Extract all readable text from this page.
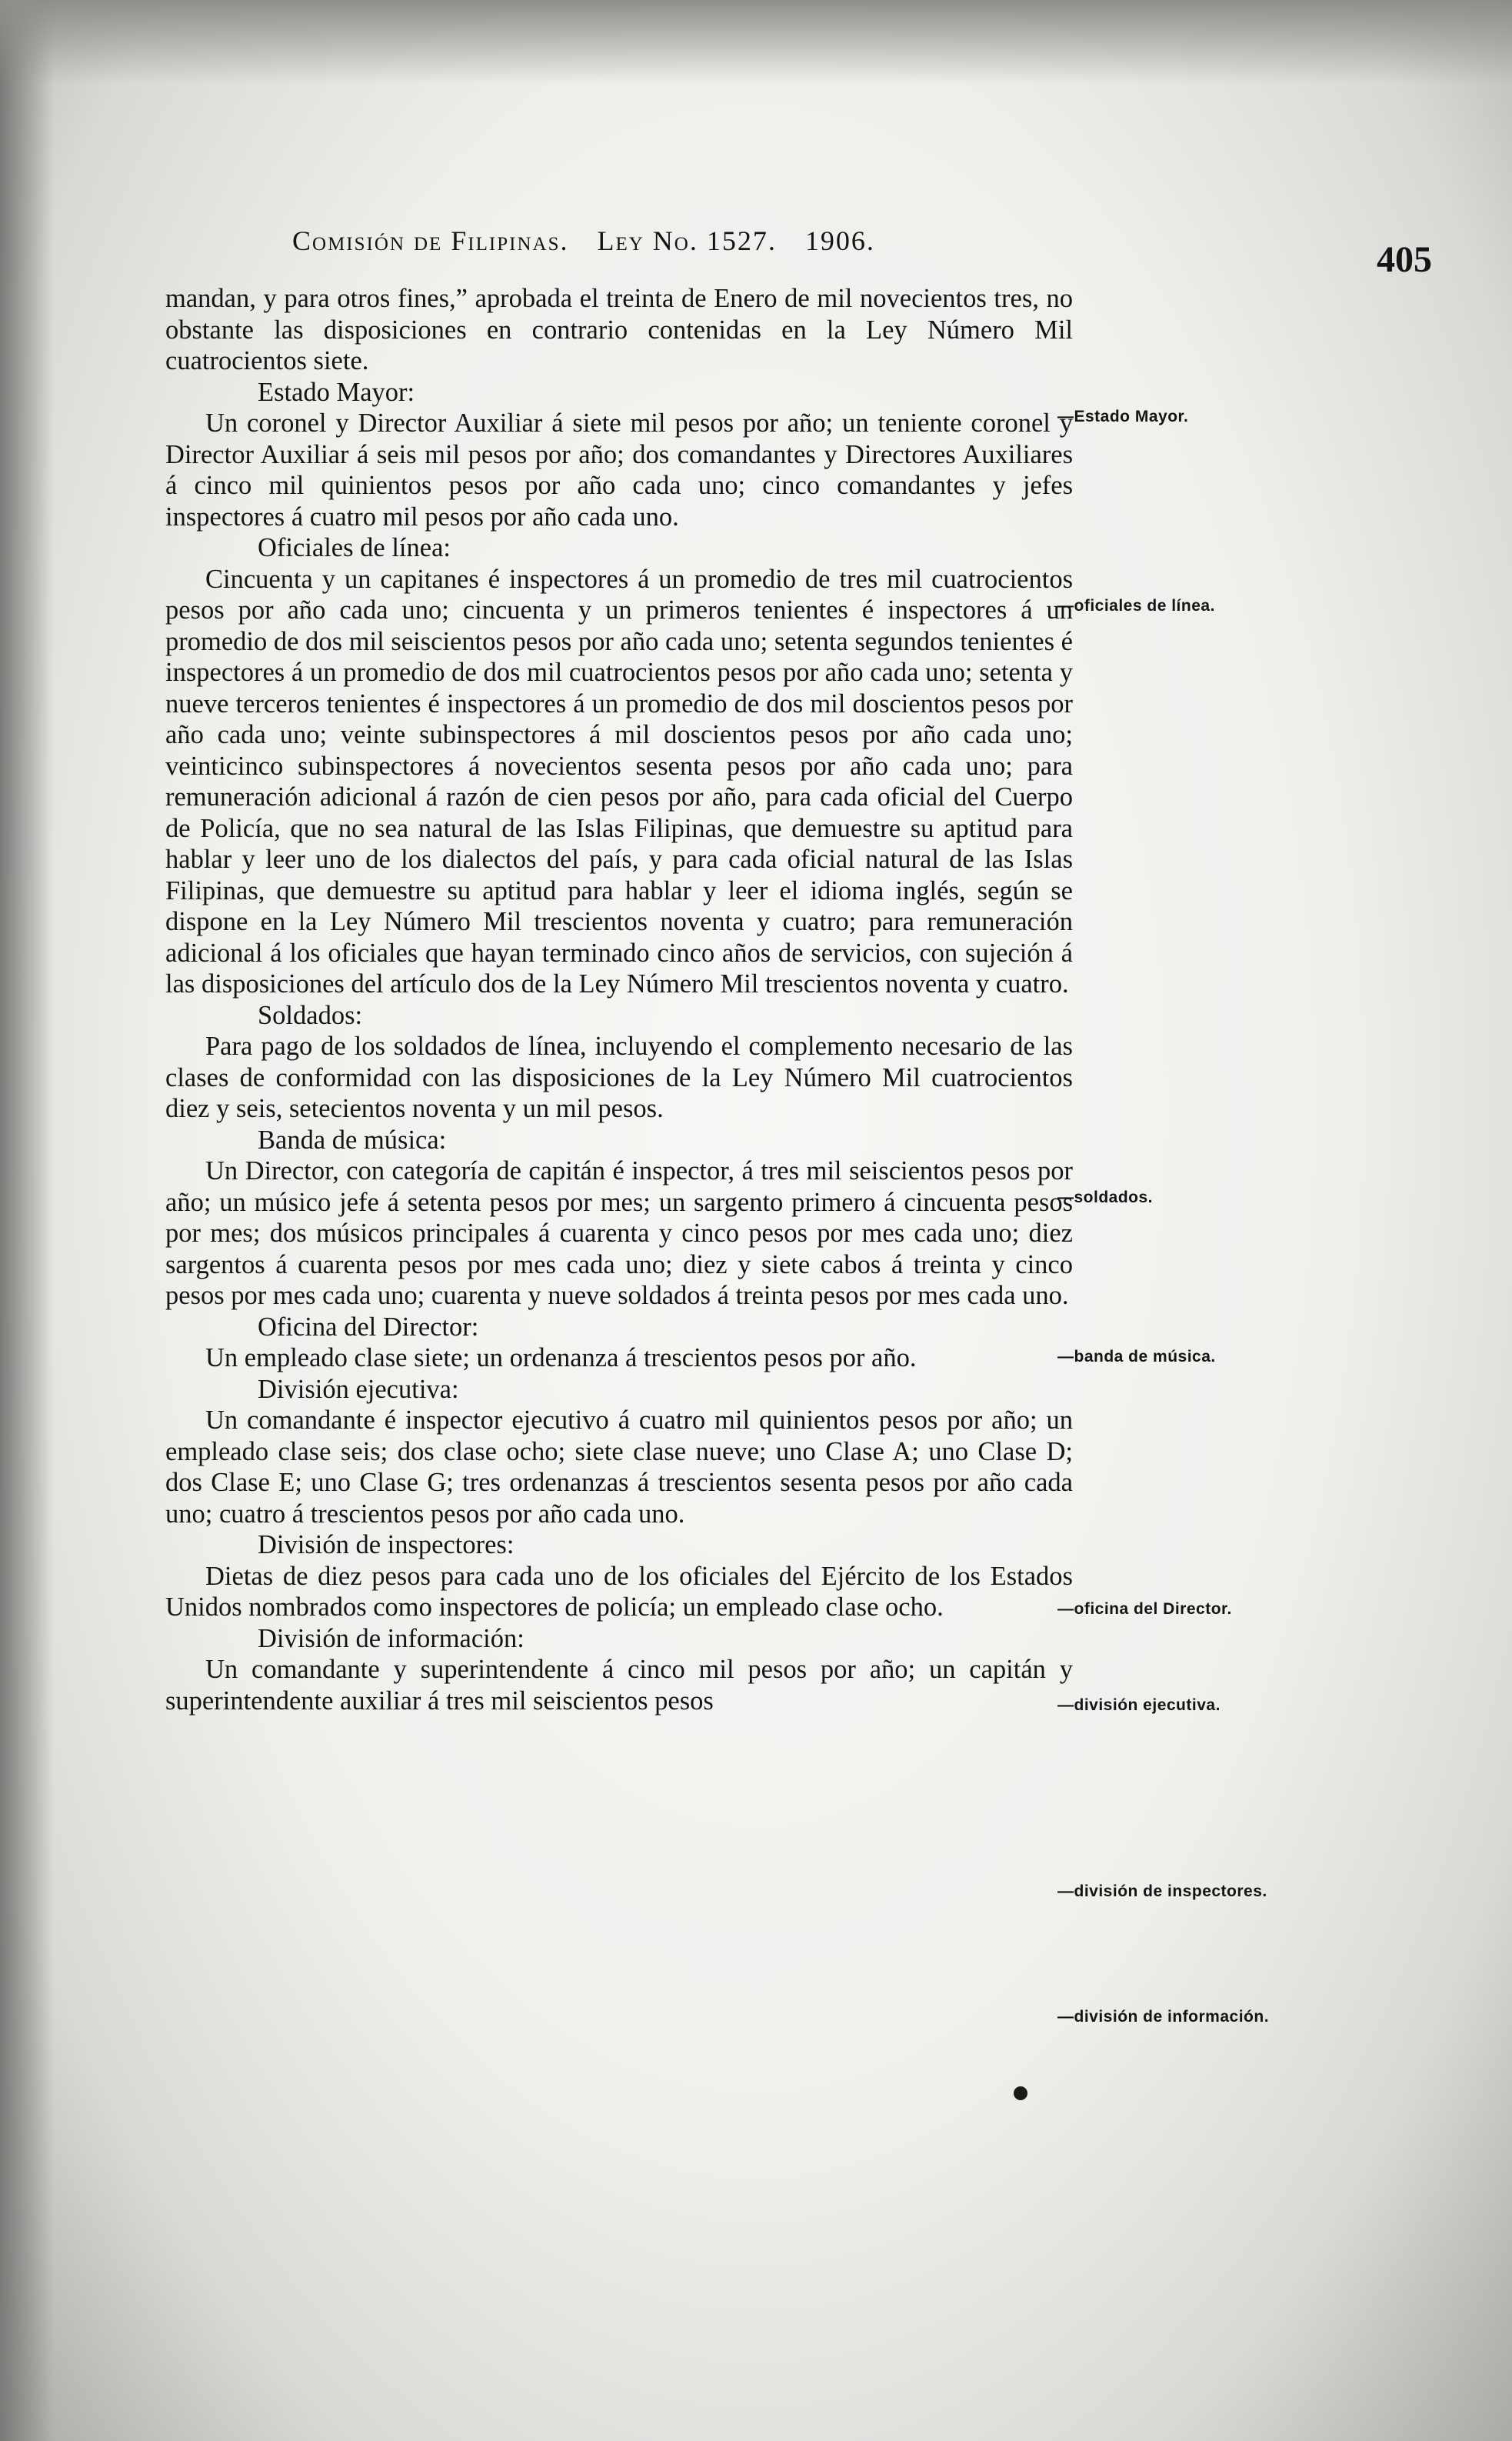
Comisión de Filipinas. Ley No. 1527. 1906.	405

mandan, y para otros fines,” aprobada el treinta de Enero de mil novecientos tres, no obstante las disposiciones en contrario contenidas en la Ley Número Mil cuatrocientos siete.

Estado Mayor:

Un coronel y Director Auxiliar á siete mil pesos por año; un teniente coronel y Director Auxiliar á seis mil pesos por año; dos comandantes y Directores Auxiliares á cinco mil quinientos pesos por año cada uno; cinco comandantes y jefes inspectores á cuatro mil pesos por año cada uno.

Oficiales de línea:

Cincuenta y un capitanes é inspectores á un promedio de tres mil cuatrocientos pesos por año cada uno; cincuenta y un primeros tenientes é inspectores á un promedio de dos mil seiscientos pesos por año cada uno; setenta segundos tenientes é inspectores á un promedio de dos mil cuatrocientos pesos por año cada uno; setenta y nueve terceros tenientes é inspectores á un promedio de dos mil doscientos pesos por año cada uno; veinte subinspectores á mil doscientos pesos por año cada uno; veinticinco subinspectores á novecientos sesenta pesos por año cada uno; para remuneración adicional á razón de cien pesos por año, para cada oficial del Cuerpo de Policía, que no sea natural de las Islas Filipinas, que demuestre su aptitud para hablar y leer uno de los dialectos del país, y para cada oficial natural de las Islas Filipinas, que demuestre su aptitud para hablar y leer el idioma inglés, según se dispone en la Ley Número Mil trescientos noventa y cuatro; para remuneración adicional á los oficiales que hayan terminado cinco años de servicios, con sujeción á las disposiciones del artículo dos de la Ley Número Mil trescientos noventa y cuatro.

Soldados:

Para pago de los soldados de línea, incluyendo el complemento necesario de las clases de conformidad con las disposiciones de la Ley Número Mil cuatrocientos diez y seis, setecientos noventa y un mil pesos.

Banda de música:

Un Director, con categoría de capitán é inspector, á tres mil seiscientos pesos por año; un músico jefe á setenta pesos por mes; un sargento primero á cincuenta pesos por mes; dos músicos principales á cuarenta y cinco pesos por mes cada uno; diez sargentos á cuarenta pesos por mes cada uno; diez y siete cabos á treinta y cinco pesos por mes cada uno; cuarenta y nueve soldados á treinta pesos por mes cada uno.

Oficina del Director:

Un empleado clase siete; un ordenanza á trescientos pesos por año.

División ejecutiva:

Un comandante é inspector ejecutivo á cuatro mil quinientos pesos por año; un empleado clase seis; dos clase ocho; siete clase nueve; uno Clase A; uno Clase D; dos Clase E; uno Clase G; tres ordenanzas á trescientos sesenta pesos por año cada uno; cuatro á trescientos pesos por año cada uno.

División de inspectores:

Dietas de diez pesos para cada uno de los oficiales del Ejército de los Estados Unidos nombrados como inspectores de policía; un empleado clase ocho.

División de información:

Un comandante y superintendente á cinco mil pesos por año; un capitán y superintendente auxiliar á tres mil seiscientos pesos

—Estado Mayor.
—oficiales de línea.
—soldados.
—banda de música.
—oficina del Director.
—división ejecutiva.
—división de inspectores.
—división de información.
